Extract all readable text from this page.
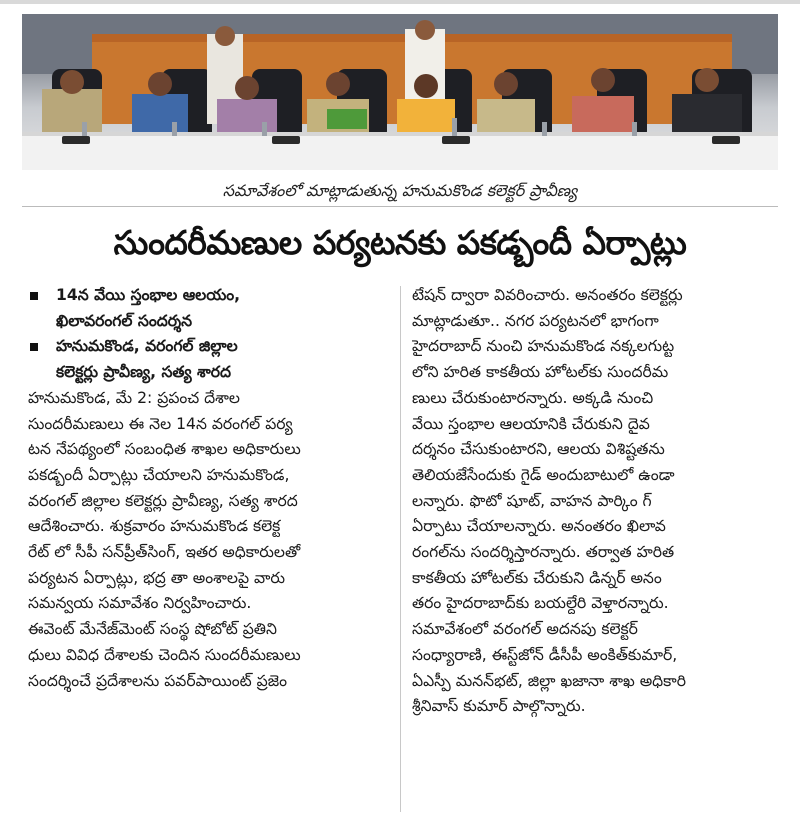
సమావేశంలో మాట్లాడుతున్న హనుమకొండ కలెక్టర్ ప్రావీణ్య
సుందరీమణుల పర్యటనకు పకడ్బందీ ఏర్పాట్లు
14న వేయి స్తంభాల ఆలయం,
ఖిలావరంగల్ సందర్శన
హనుమకొండ, వరంగల్ జిల్లాల
కలెక్టర్లు ప్రావీణ్య, సత్య శారద
హనుమకొండ, మే 2: ప్రపంచ దేశాల
సుందరీమణులు ఈ నెల 14న వరంగల్ పర్య
టన నేపథ్యంలో సంబంధిత శాఖల అధికారులు
పకడ్బందీ ఏర్పాట్లు చేయాలని హనుమకొండ,
వరంగల్ జిల్లాల కలెక్టర్లు ప్రావీణ్య, సత్య శారద
ఆదేశించారు. శుక్రవారం హనుమకొండ కలెక్ట
రేట్ లో సీపీ సన్‌ప్రీత్‌సింగ్, ఇతర అధికారులతో
పర్యటన ఏర్పాట్లు, భద్ర తా అంశాలపై వారు
సమన్వయ సమావేశం నిర్వహించారు.
ఈవెంట్ మేనేజ్‌మెంట్ సంస్థ షోబోట్ ప్రతిని
ధులు వివిధ దేశాలకు చెందిన సుందరీమణులు
సందర్శించే ప్రదేశాలను పవర్‌పాయింట్ ప్రజెం
టేషన్ ద్వారా వివరించారు. అనంతరం కలెక్టర్లు
మాట్లాడుతూ.. నగర పర్యటనలో భాగంగా
హైదరాబాద్ నుంచి హనుమకొండ నక్కలగుట్ట
లోని హరిత కాకతీయ హోటల్‌కు సుందరీమ
ణులు చేరుకుంటారన్నారు. అక్కడి నుంచి
వేయి స్తంభాల ఆలయానికి చేరుకుని దైవ
దర్శనం చేసుకుంటారని, ఆలయ విశిష్టతను
తెలియజేసేందుకు గైడ్ అందుబాటులో ఉండా
లన్నారు. ఫొటో షూట్, వాహన పార్కిం గ్
ఏర్పాటు చేయాలన్నారు. అనంతరం ఖిలావ
రంగల్‌ను సందర్శిస్తారన్నారు. తర్వాత హరిత
కాకతీయ హోటల్‌కు చేరుకుని డిన్నర్ అనం
తరం హైదరాబాద్‌కు బయల్దేరి వెళ్తారన్నారు.
సమావేశంలో వరంగల్ అదనపు కలెక్టర్
సంధ్యారాణి, ఈస్ట్‌జోన్ డీసీపీ అంకిత్‌కుమార్,
ఏఎస్పీ మనన్‌భట్, జిల్లా ఖజానా శాఖ అధికారి
శ్రీనివాస్ కుమార్ పాల్గొన్నారు.
